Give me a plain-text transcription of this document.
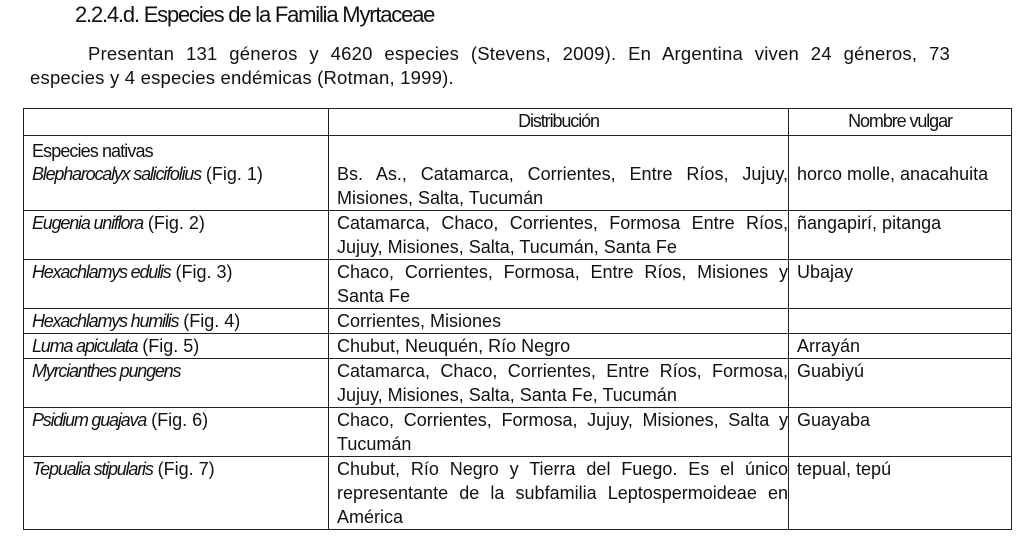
2.2.4.d. Especies de la Familia Myrtaceae
Presentan 131 géneros y 4620 especies (Stevens, 2009). En Argentina viven 24 géneros, 73
especies y 4 especies endémicas (Rotman, 1999).
	Distribución	Nombre vulgar

Especies nativas
Blepharocalyx salicifolius (Fig. 1)	Bs. As., Catamarca, Corrientes, Entre Ríos, Jujuy, Misiones, Salta, Tucumán	horco molle, anacahuita
Eugenia uniflora (Fig. 2)	Catamarca, Chaco, Corrientes, Formosa Entre Ríos, Jujuy, Misiones, Salta, Tucumán, Santa Fe	ñangapirí, pitanga
Hexachlamys edulis (Fig. 3)	Chaco, Corrientes, Formosa, Entre Ríos, Misiones y Santa Fe	Ubajay
Hexachlamys humilis (Fig. 4)	Corrientes, Misiones	
Luma apiculata (Fig. 5)	Chubut, Neuquén, Río Negro	Arrayán
Myrcianthes pungens	Catamarca, Chaco, Corrientes, Entre Ríos, Formosa, Jujuy, Misiones, Salta, Santa Fe, Tucumán	Guabiyú
Psidium guajava (Fig. 6)	Chaco, Corrientes, Formosa, Jujuy, Misiones, Salta y Tucumán	Guayaba
Tepualia stipularis (Fig. 7)	Chubut, Río Negro y Tierra del Fuego. Es el único representante de la subfamilia Leptospermoideae en América	tepual, tepú
